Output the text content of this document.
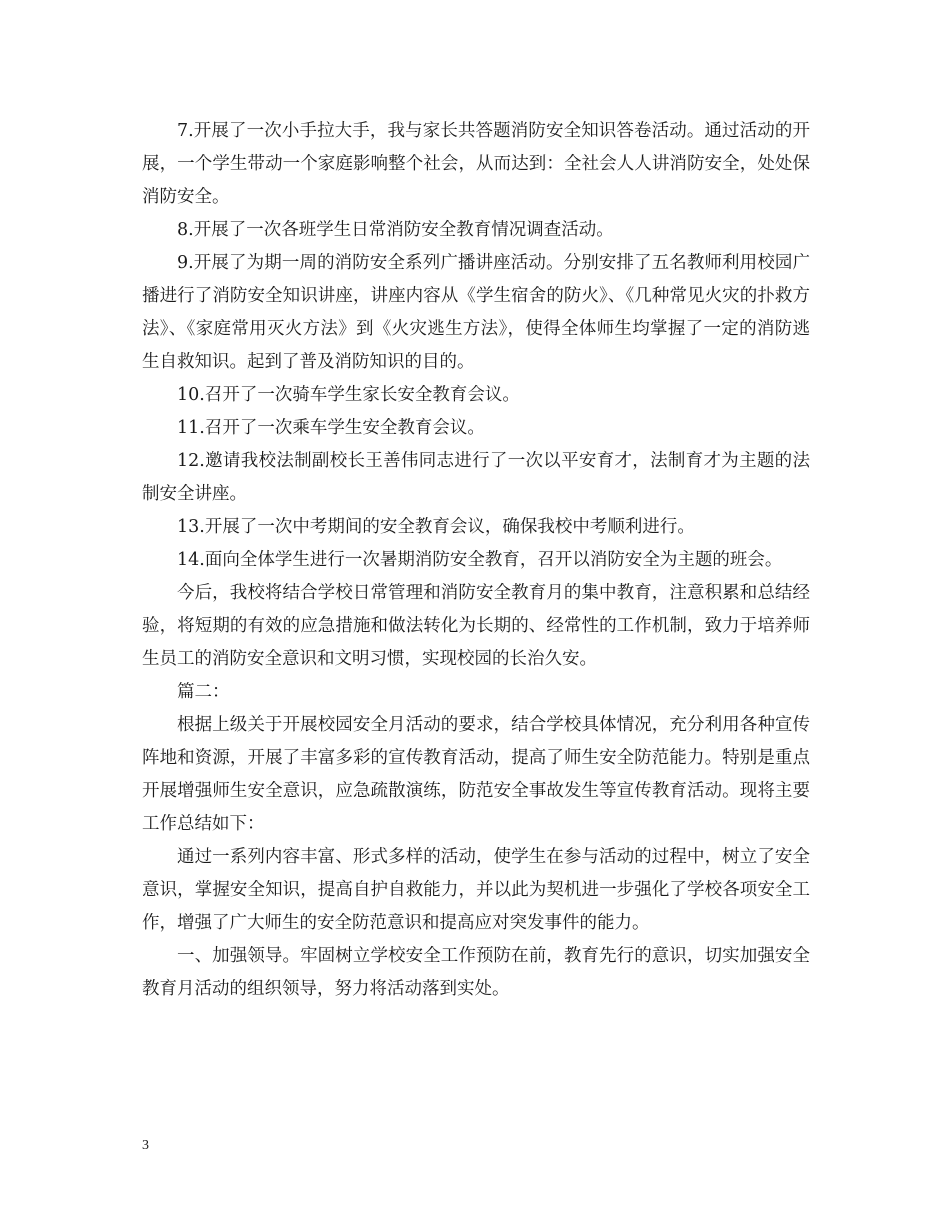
7.开展了一次小手拉大手，我与家长共答题消防安全知识答卷活动。通过活动的开展，一个学生带动一个家庭影响整个社会，从而达到：全社会人人讲消防安全，处处保消防安全。

8.开展了一次各班学生日常消防安全教育情况调查活动。

9.开展了为期一周的消防安全系列广播讲座活动。分别安排了五名教师利用校园广播进行了消防安全知识讲座，讲座内容从《学生宿舍的防火》、《几种常见火灾的扑救方法》、《家庭常用灭火方法》到《火灾逃生方法》，使得全体师生均掌握了一定的消防逃生自救知识。起到了普及消防知识的目的。

10.召开了一次骑车学生家长安全教育会议。

11.召开了一次乘车学生安全教育会议。

12.邀请我校法制副校长王善伟同志进行了一次以平安育才，法制育才为主题的法制安全讲座。

13.开展了一次中考期间的安全教育会议，确保我校中考顺利进行。

14.面向全体学生进行一次暑期消防安全教育，召开以消防安全为主题的班会。

今后，我校将结合学校日常管理和消防安全教育月的集中教育，注意积累和总结经验，将短期的有效的应急措施和做法转化为长期的、经常性的工作机制，致力于培养师生员工的消防安全意识和文明习惯，实现校园的长治久安。

篇二：

根据上级关于开展校园安全月活动的要求，结合学校具体情况，充分利用各种宣传阵地和资源，开展了丰富多彩的宣传教育活动，提高了师生安全防范能力。特别是重点开展增强师生安全意识，应急疏散演练，防范安全事故发生等宣传教育活动。现将主要工作总结如下：

通过一系列内容丰富、形式多样的活动，使学生在参与活动的过程中，树立了安全意识，掌握安全知识，提高自护自救能力，并以此为契机进一步强化了学校各项安全工作，增强了广大师生的安全防范意识和提高应对突发事件的能力。

一、加强领导。牢固树立学校安全工作预防在前，教育先行的意识，切实加强安全教育月活动的组织领导，努力将活动落到实处。

3
